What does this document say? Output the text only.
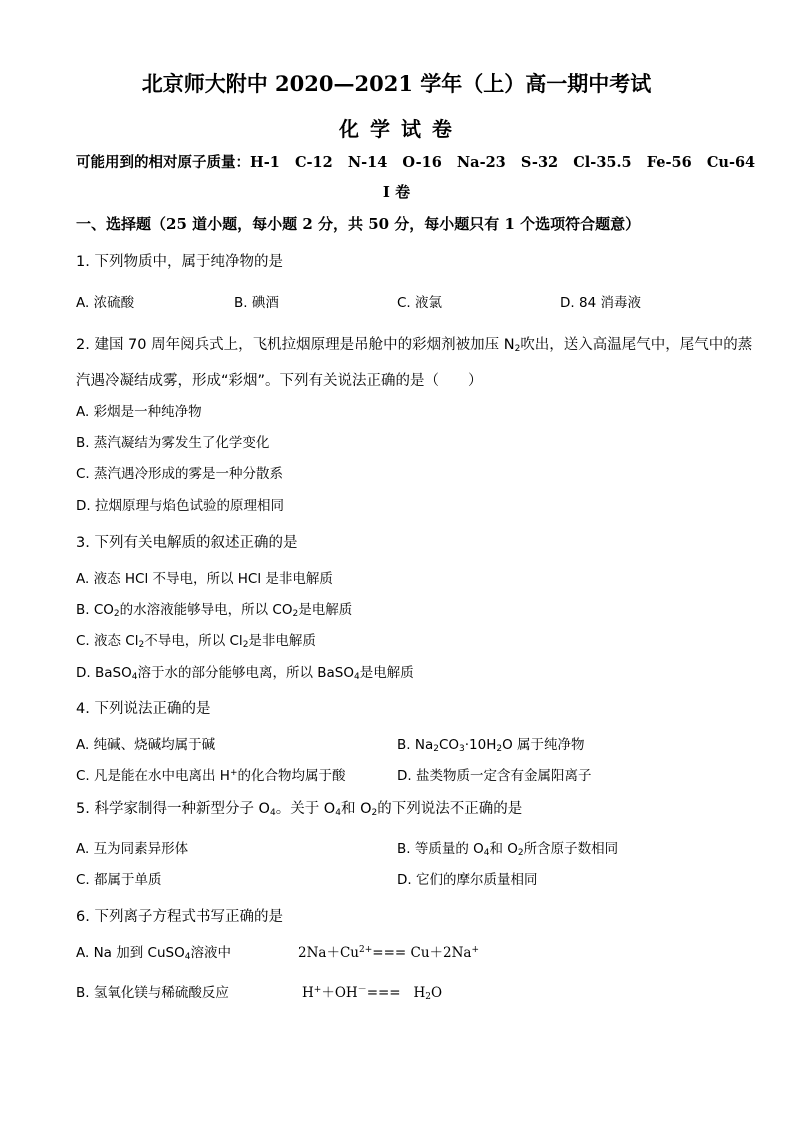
北京师大附中 2020—2021 学年（上）高一期中考试
化 学 试 卷
可能用到的相对原子质量：H-1   C-12   N-14   O-16   Na-23   S-32   Cl-35.5   Fe-56   Cu-64
I 卷
一、选择题（25 道小题，每小题 2 分，共 50 分，每小题只有 1 个选项符合题意）
1. 下列物质中，属于纯净物的是
A. 浓硫酸	B. 碘酒	C. 液氯	D. 84 消毒液
2. 建国 70 周年阅兵式上，飞机拉烟原理是吊舱中的彩烟剂被加压 $N_2$吹出，送入高温尾气中，尾气中的蒸
汽遇冷凝结成雾，形成“彩烟”。下列有关说法正确的是（　　）
A. 彩烟是一种纯净物
B. 蒸汽凝结为雾发生了化学变化
C. 蒸汽遇冷形成的雾是一种分散系
D. 拉烟原理与焰色试验的原理相同
3. 下列有关电解质的叙述正确的是
A. 液态 HCl 不导电，所以 HCl 是非电解质
B. $CO_2$的水溶液能够导电，所以 $CO_2$是电解质
C. 液态 $Cl_2$不导电，所以 $Cl_2$是非电解质
D. BaSO$_4$溶于水的部分能够电离，所以 BaSO$_4$是电解质
4. 下列说法正确的是
A. 纯碱、烧碱均属于碱	B. $Na_2CO_3\cdot 10H_2O$ 属于纯净物
C. 凡是能在水中电离出 H+的化合物均属于酸	D. 盐类物质一定含有金属阳离子
5. 科学家制得一种新型分子 $O_4$。关于 $O_4$和 $O_2$的下列说法不正确的是
A. 互为同素异形体	B. 等质量的 $O_4$和 $O_2$所含原子数相同
C. 都属于单质	D. 它们的摩尔质量相同
6. 下列离子方程式书写正确的是
A. Na 加到 CuSO$_4$溶液中	$2Na+Cu^{2+}=== Cu+2Na^+$
B. 氢氧化镁与稀硫酸反应	$H^++OH^-=== H_2O$
